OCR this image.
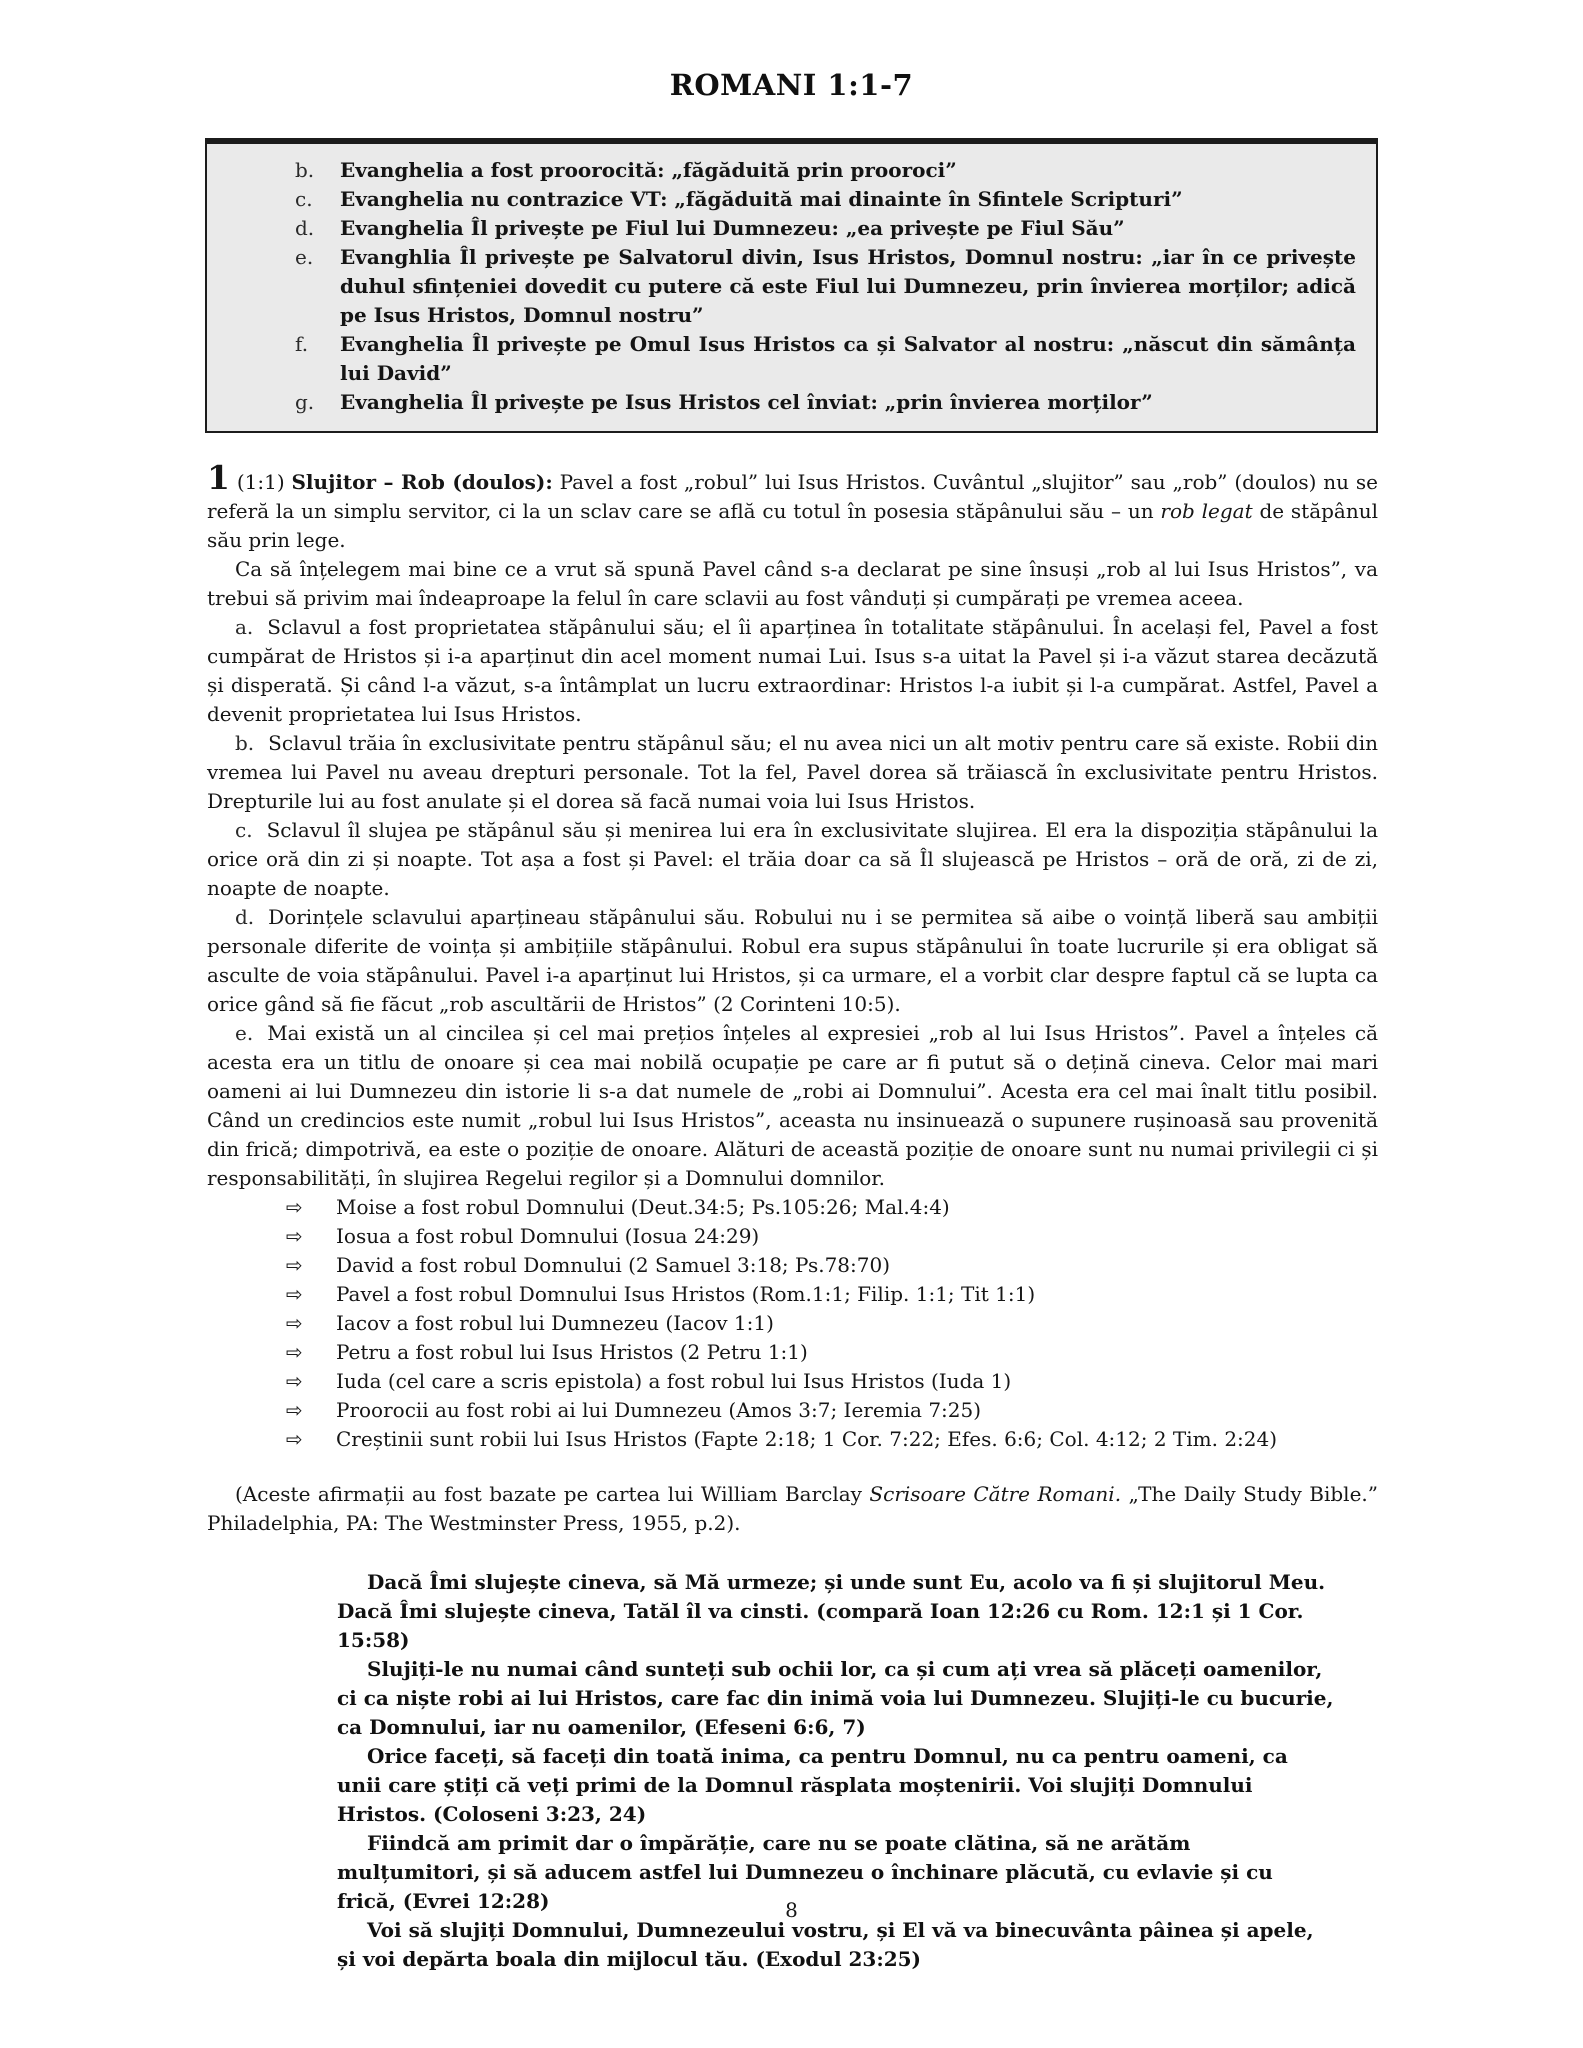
ROMANI 1:1-7
b. Evanghelia a fost proorocită: „făgăduită prin prooroci”
c. Evanghelia nu contrazice VT: „făgăduită mai dinainte în Sfintele Scripturi”
d. Evanghelia Îl privește pe Fiul lui Dumnezeu: „ea privește pe Fiul Său”
e. Evanghlia Îl privește pe Salvatorul divin, Isus Hristos, Domnul nostru: „iar în ce privește duhul sfințeniei dovedit cu putere că este Fiul lui Dumnezeu, prin învierea morților; adică pe Isus Hristos, Domnul nostru”
f. Evanghelia Îl privește pe Omul Isus Hristos ca și Salvator al nostru: „născut din sămânța lui David”
g. Evanghelia Îl privește pe Isus Hristos cel înviat: „prin învierea morților”

1 (1:1) Slujitor – Rob (doulos): Pavel a fost „robul” lui Isus Hristos. Cuvântul „slujitor” sau „rob” (doulos) nu se referă la un simplu servitor, ci la un sclav care se află cu totul în posesia stăpânului său – un rob legat de stăpânul său prin lege.

Ca să înțelegem mai bine ce a vrut să spună Pavel când s-a declarat pe sine însuși „rob al lui Isus Hristos”, va trebui să privim mai îndeaproape la felul în care sclavii au fost vânduți și cumpărați pe vremea aceea.

a. Sclavul a fost proprietatea stăpânului său; el îi aparținea în totalitate stăpânului. În același fel, Pavel a fost cumpărat de Hristos și i-a aparținut din acel moment numai Lui. Isus s-a uitat la Pavel și i-a văzut starea decăzută și disperată. Și când l-a văzut, s-a întâmplat un lucru extraordinar: Hristos l-a iubit și l-a cumpărat. Astfel, Pavel a devenit proprietatea lui Isus Hristos.

b. Sclavul trăia în exclusivitate pentru stăpânul său; el nu avea nici un alt motiv pentru care să existe. Robii din vremea lui Pavel nu aveau drepturi personale. Tot la fel, Pavel dorea să trăiască în exclusivitate pentru Hristos. Drepturile lui au fost anulate și el dorea să facă numai voia lui Isus Hristos.

c. Sclavul îl slujea pe stăpânul său și menirea lui era în exclusivitate slujirea. El era la dispoziția stăpânului la orice oră din zi și noapte. Tot așa a fost și Pavel: el trăia doar ca să Îl slujească pe Hristos – oră de oră, zi de zi, noapte de noapte.

d. Dorințele sclavului aparțineau stăpânului său. Robului nu i se permitea să aibe o voință liberă sau ambiții personale diferite de voința și ambițiile stăpânului. Robul era supus stăpânului în toate lucrurile și era obligat să asculte de voia stăpânului. Pavel i-a aparținut lui Hristos, și ca urmare, el a vorbit clar despre faptul că se lupta ca orice gând să fie făcut „rob ascultării de Hristos” (2 Corinteni 10:5).

e. Mai există un al cincilea și cel mai prețios înțeles al expresiei „rob al lui Isus Hristos”. Pavel a înțeles că acesta era un titlu de onoare și cea mai nobilă ocupație pe care ar fi putut să o dețină cineva. Celor mai mari oameni ai lui Dumnezeu din istorie li s-a dat numele de „robi ai Domnului”. Acesta era cel mai înalt titlu posibil. Când un credincios este numit „robul lui Isus Hristos”, aceasta nu insinuează o supunere rușinoasă sau provenită din frică; dimpotrivă, ea este o poziție de onoare. Alături de această poziție de onoare sunt nu numai privilegii ci și responsabilități, în slujirea Regelui regilor și a Domnului domnilor.

⇨ Moise a fost robul Domnului (Deut.34:5; Ps.105:26; Mal.4:4)
⇨ Iosua a fost robul Domnului (Iosua 24:29)
⇨ David a fost robul Domnului (2 Samuel 3:18; Ps.78:70)
⇨ Pavel a fost robul Domnului Isus Hristos (Rom.1:1; Filip. 1:1; Tit 1:1)
⇨ Iacov a fost robul lui Dumnezeu (Iacov 1:1)
⇨ Petru a fost robul lui Isus Hristos (2 Petru 1:1)
⇨ Iuda (cel care a scris epistola) a fost robul lui Isus Hristos (Iuda 1)
⇨ Proorocii au fost robi ai lui Dumnezeu (Amos 3:7; Ieremia 7:25)
⇨ Creștinii sunt robii lui Isus Hristos (Fapte 2:18; 1 Cor. 7:22; Efes. 6:6; Col. 4:12; 2 Tim. 2:24)

(Aceste afirmații au fost bazate pe cartea lui William Barclay Scrisoare Către Romani. „The Daily Study Bible.” Philadelphia, PA: The Westminster Press, 1955, p.2).

Dacă Îmi slujește cineva, să Mă urmeze; și unde sunt Eu, acolo va fi și slujitorul Meu. Dacă Îmi slujește cineva, Tatăl îl va cinsti. (compară Ioan 12:26 cu Rom. 12:1 și 1 Cor. 15:58)

Slujiți-le nu numai când sunteți sub ochii lor, ca și cum ați vrea să plăceți oamenilor, ci ca niște robi ai lui Hristos, care fac din inimă voia lui Dumnezeu. Slujiți-le cu bucurie, ca Domnului, iar nu oamenilor, (Efeseni 6:6, 7)

Orice faceți, să faceți din toată inima, ca pentru Domnul, nu ca pentru oameni, ca unii care știți că veți primi de la Domnul răsplata moștenirii. Voi slujiți Domnului Hristos. (Coloseni 3:23, 24)

Fiindcă am primit dar o împărăție, care nu se poate clătina, să ne arătăm mulțumitori, și să aducem astfel lui Dumnezeu o închinare plăcută, cu evlavie și cu frică, (Evrei 12:28)

Voi să slujiți Domnului, Dumnezeului vostru, și El vă va binecuvânta pâinea și apele, și voi depărta boala din mijlocul tău. (Exodul 23:25)

8
